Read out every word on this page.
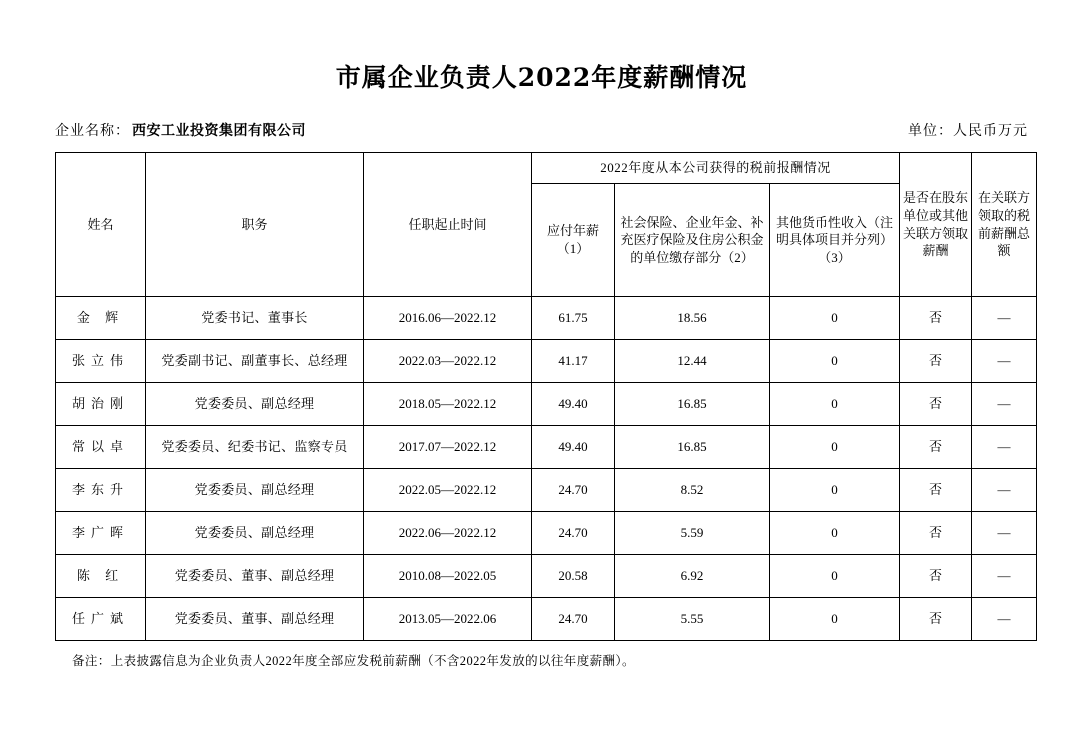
市属企业负责人2022年度薪酬情况
企业名称： 西安工业投资集团有限公司	单位：人民币万元
姓名	职务	任职起止时间	2022年度从本公司获得的税前报酬情况			是否在股东单位或其他关联方领取薪酬	在关联方领取的税前薪酬总额
			应付年薪（1）	社会保险、企业年金、补充医疗保险及住房公积金的单位缴存部分（2）	其他货币性收入（注明具体项目并分列）（3）		
金 辉	党委书记、董事长	2016.06—2022.12	61.75	18.56	0	否	—
张立伟	党委副书记、副董事长、总经理	2022.03—2022.12	41.17	12.44	0	否	—
胡治刚	党委委员、副总经理	2018.05—2022.12	49.40	16.85	0	否	—
常以卓	党委委员、纪委书记、监察专员	2017.07—2022.12	49.40	16.85	0	否	—
李东升	党委委员、副总经理	2022.05—2022.12	24.70	8.52	0	否	—
李广晖	党委委员、副总经理	2022.06—2022.12	24.70	5.59	0	否	—
陈 红	党委委员、董事、副总经理	2010.08—2022.05	20.58	6.92	0	否	—
任广斌	党委委员、董事、副总经理	2013.05—2022.06	24.70	5.55	0	否	—
备注：上表披露信息为企业负责人2022年度全部应发税前薪酬（不含2022年发放的以往年度薪酬）。
